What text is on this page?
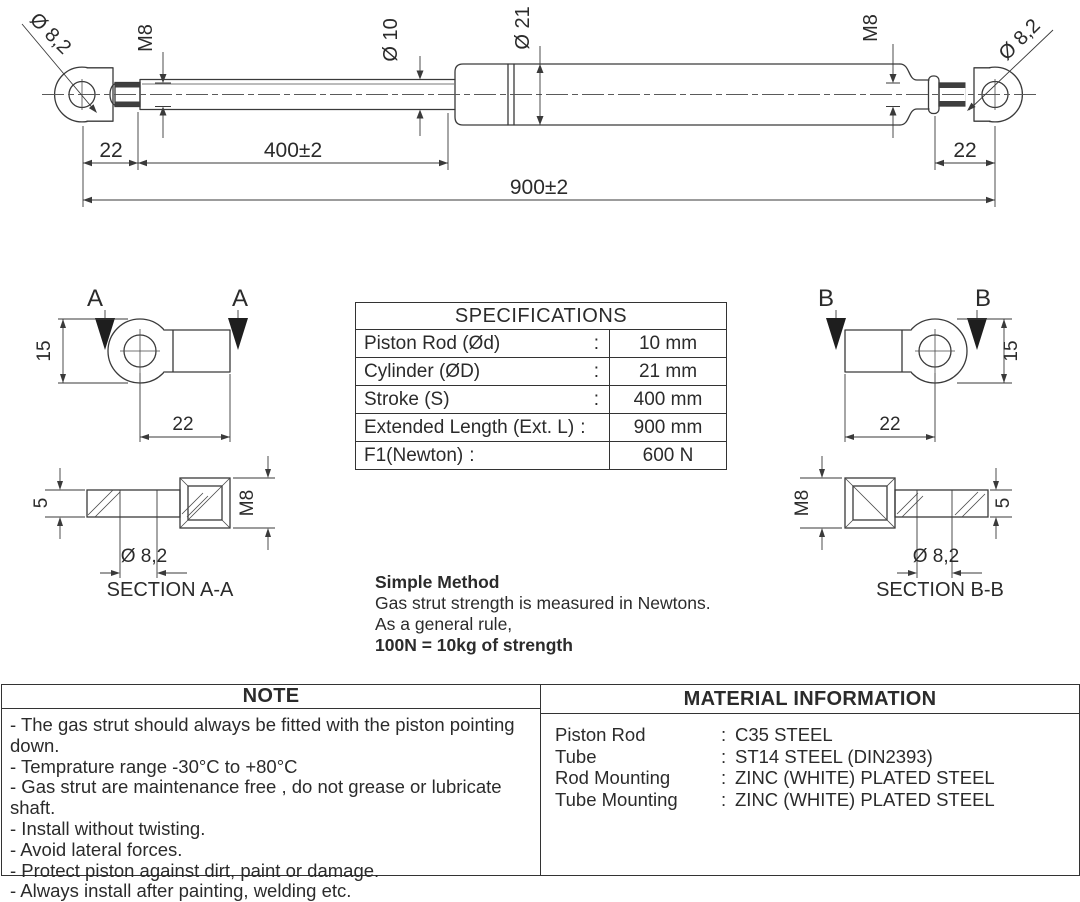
Ø 8,2	M8	Ø 10	Ø 21	M8	Ø 8,2
22	400±2
900±2
22
A	A
15
22
5	M8
Ø 8,2
SECTION A-A
B	B
15
22
M8	5
Ø 8,2
SECTION B-B
SPECIFICATIONS
Piston Rod (Ød)	:	10 mm
Cylinder (ØD)	:	21 mm
Stroke (S)	:	400 mm
Extended Length (Ext. L) :	900 mm
F1(Newton) :	600 N
Simple Method
Gas strut strength is measured in Newtons.
As a general rule,
100N = 10kg of strength
NOTE
- The gas strut should always be fitted with the piston pointing down.
- Temprature range -30°C to +80°C
- Gas strut are maintenance free , do not grease or lubricate shaft.
- Install without twisting.
- Avoid lateral forces.
- Protect piston against dirt, paint or damage.
- Always install after painting, welding etc.
MATERIAL INFORMATION
Piston Rod	: C35 STEEL
Tube	: ST14 STEEL (DIN2393)
Rod Mounting	: ZINC (WHITE) PLATED STEEL
Tube Mounting	: ZINC (WHITE) PLATED STEEL
